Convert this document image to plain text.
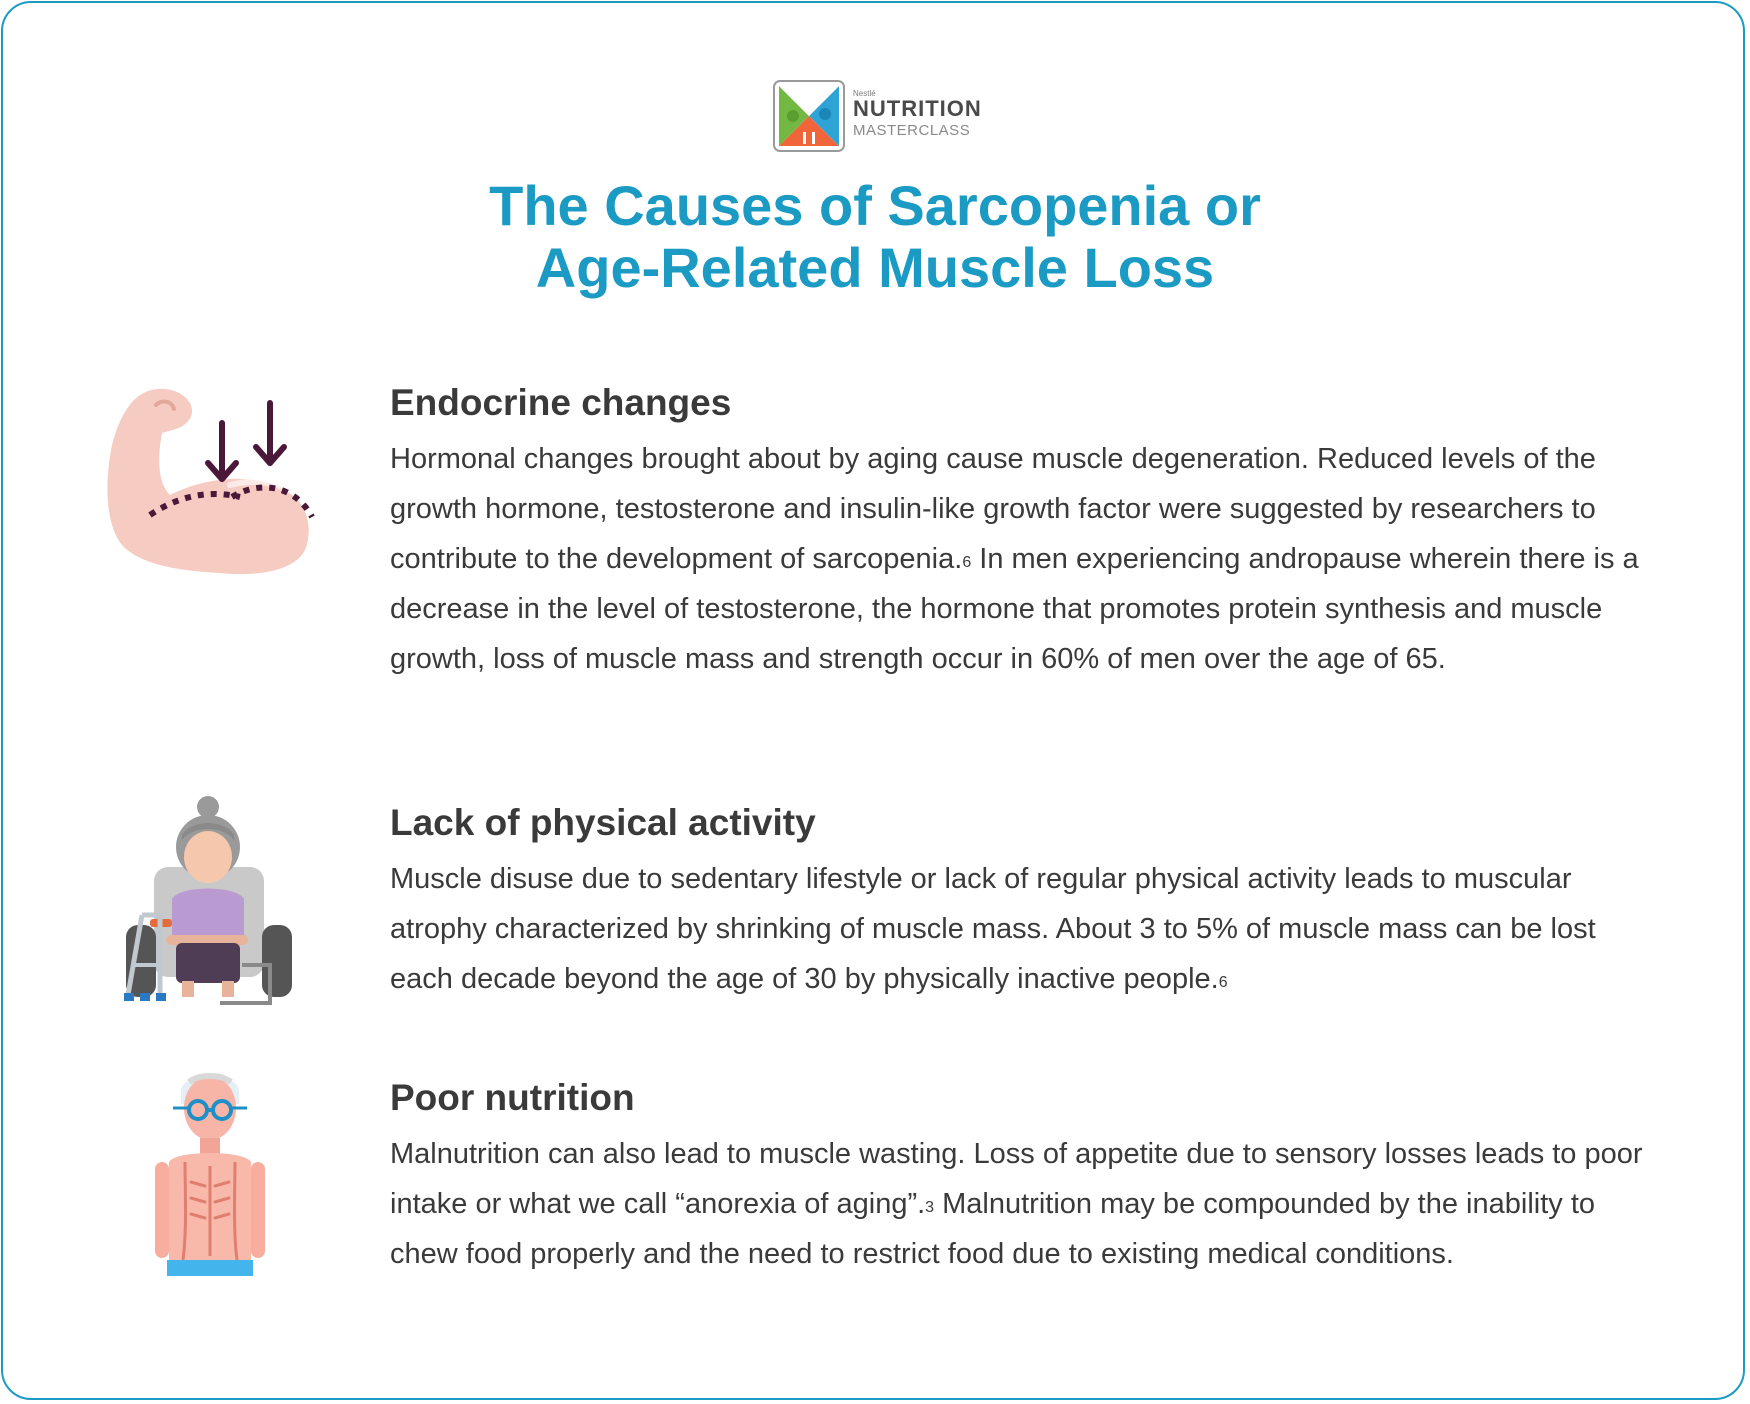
Nestlé
NUTRITION
MASTERCLASS
The Causes of Sarcopenia or
Age-Related Muscle Loss
Endocrine changes

Hormonal changes brought about by aging cause muscle degeneration. Reduced levels of the growth hormone, testosterone and insulin-like growth factor were suggested by researchers to contribute to the development of sarcopenia.$^6$ In men experiencing andropause wherein there is a decrease in the level of testosterone, the hormone that promotes protein synthesis and muscle growth, loss of muscle mass and strength occur in 60% of men over the age of 65.

Lack of physical activity

Muscle disuse due to sedentary lifestyle or lack of regular physical activity leads to muscular atrophy characterized by shrinking of muscle mass. About 3 to 5% of muscle mass can be lost each decade beyond the age of 30 by physically inactive people.$^6$

Poor nutrition

Malnutrition can also lead to muscle wasting. Loss of appetite due to sensory losses leads to poor intake or what we call “anorexia of aging”.$^3$ Malnutrition may be compounded by the inability to chew food properly and the need to restrict food due to existing medical conditions.
